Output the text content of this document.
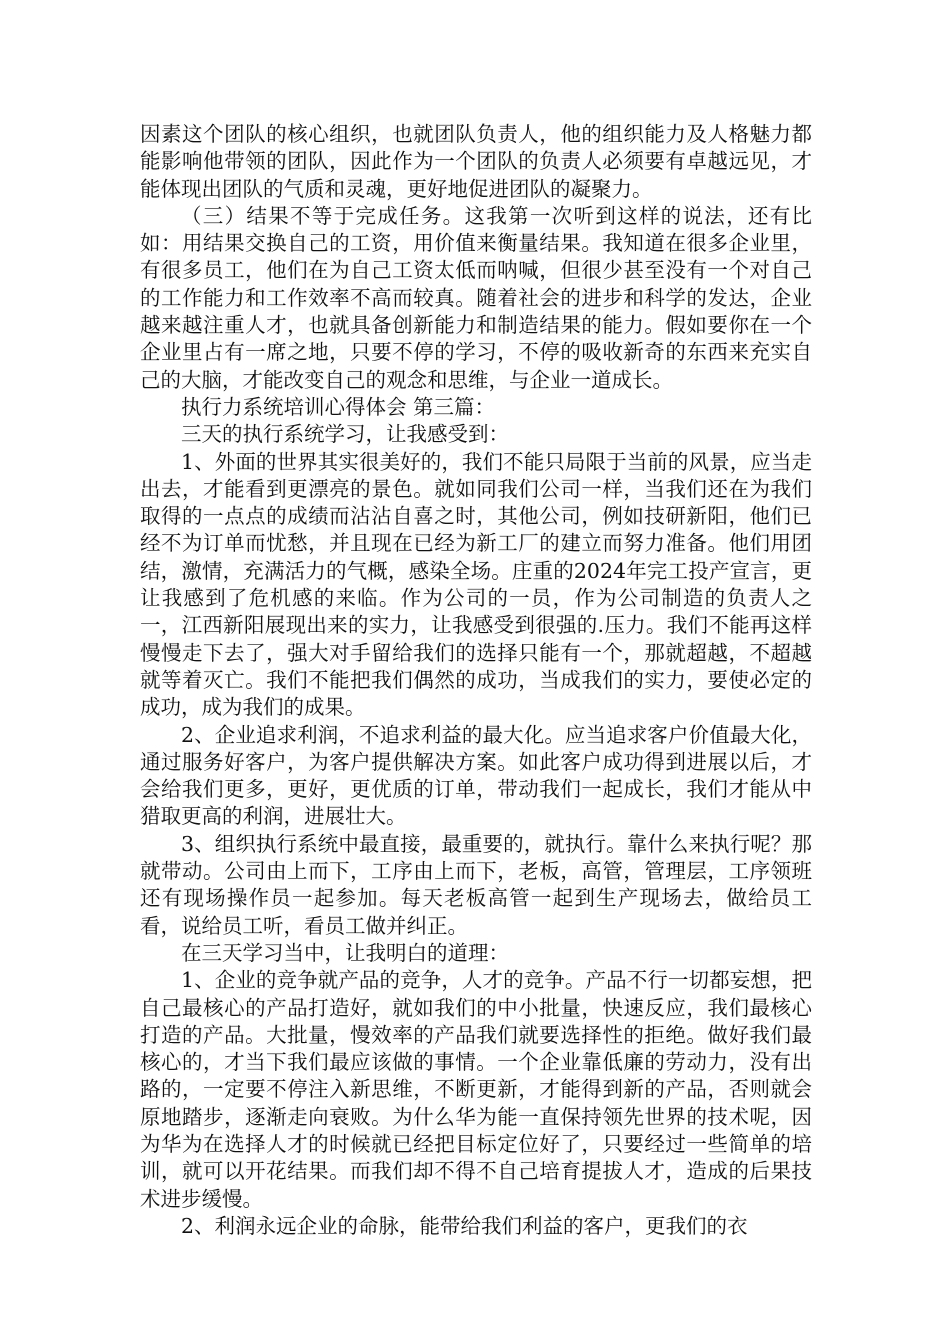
因素这个团队的核心组织，也就团队负责人，他的组织能力及人格魅力都能影响他带领的团队，因此作为一个团队的负责人必须要有卓越远见，才能体现出团队的气质和灵魂，更好地促进团队的凝聚力。

（三）结果不等于完成任务。这我第一次听到这样的说法，还有比如：用结果交换自己的工资，用价值来衡量结果。我知道在很多企业里，有很多员工，他们在为自己工资太低而呐喊，但很少甚至没有一个对自己的工作能力和工作效率不高而较真。随着社会的进步和科学的发达，企业越来越注重人才，也就具备创新能力和制造结果的能力。假如要你在一个企业里占有一席之地，只要不停的学习，不停的吸收新奇的东西来充实自己的大脑，才能改变自己的观念和思维，与企业一道成长。

执行力系统培训心得体会 第三篇：

三天的执行系统学习，让我感受到：

1、外面的世界其实很美好的，我们不能只局限于当前的风景，应当走出去，才能看到更漂亮的景色。就如同我们公司一样，当我们还在为我们取得的一点点的成绩而沾沾自喜之时，其他公司，例如技研新阳，他们已经不为订单而忧愁，并且现在已经为新工厂的建立而努力准备。他们用团结，激情，充满活力的气概，感染全场。庄重的2024年完工投产宣言，更让我感到了危机感的来临。作为公司的一员，作为公司制造的负责人之一，江西新阳展现出来的实力，让我感受到很强的.压力。我们不能再这样慢慢走下去了，强大对手留给我们的选择只能有一个，那就超越，不超越就等着灭亡。我们不能把我们偶然的成功，当成我们的实力，要使必定的成功，成为我们的成果。

2、企业追求利润，不追求利益的最大化。应当追求客户价值最大化，通过服务好客户，为客户提供解决方案。如此客户成功得到进展以后，才会给我们更多，更好，更优质的订单，带动我们一起成长，我们才能从中猎取更高的利润，进展壮大。

3、组织执行系统中最直接，最重要的，就执行。靠什么来执行呢？那就带动。公司由上而下，工序由上而下，老板，高管，管理层，工序领班还有现场操作员一起参加。每天老板高管一起到生产现场去，做给员工看，说给员工听，看员工做并纠正。

在三天学习当中，让我明白的道理：

1、企业的竞争就产品的竞争，人才的竞争。产品不行一切都妄想，把自己最核心的产品打造好，就如我们的中小批量，快速反应，我们最核心打造的产品。大批量，慢效率的产品我们就要选择性的拒绝。做好我们最核心的，才当下我们最应该做的事情。一个企业靠低廉的劳动力，没有出路的，一定要不停注入新思维，不断更新，才能得到新的产品，否则就会原地踏步，逐渐走向衰败。为什么华为能一直保持领先世界的技术呢，因为华为在选择人才的时候就已经把目标定位好了，只要经过一些简单的培训，就可以开花结果。而我们却不得不自己培育提拔人才，造成的后果技术进步缓慢。

2、利润永远企业的命脉，能带给我们利益的客户，更我们的衣
